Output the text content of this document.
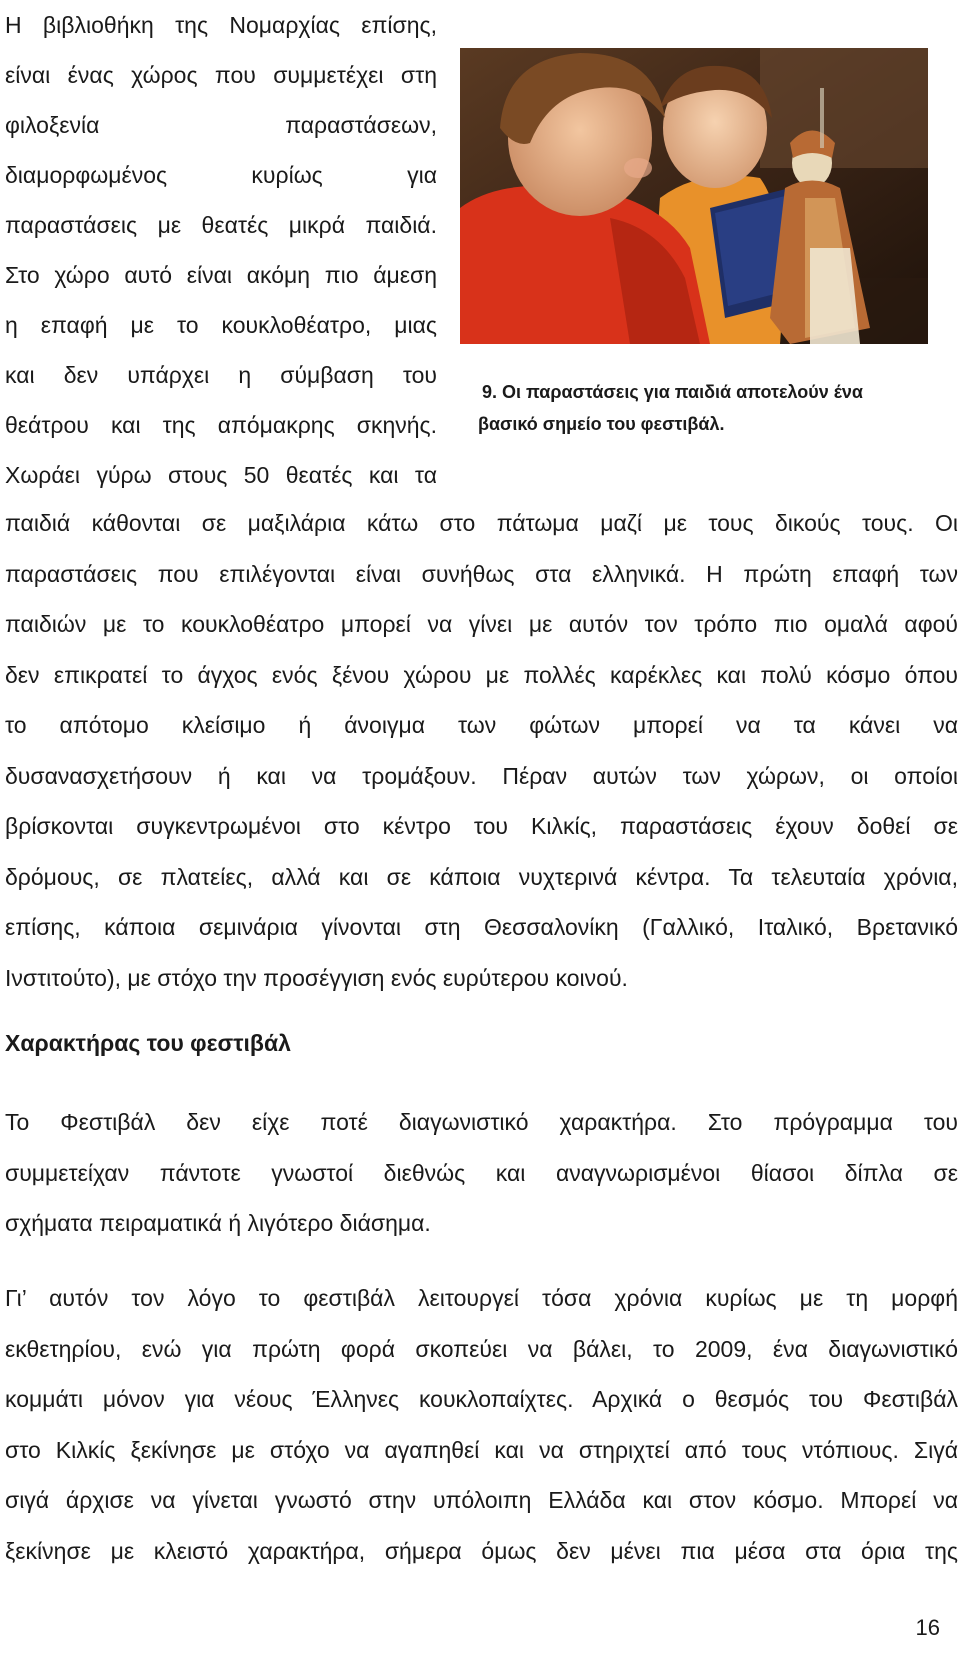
Η βιβλιοθήκη της Νομαρχίας επίσης,
είναι ένας χώρος που συμμετέχει στη
φιλοξενία παραστάσεων,
διαμορφωμένος κυρίως για
παραστάσεις με θεατές μικρά παιδιά.
Στο χώρο αυτό είναι ακόμη πιο άμεση
η επαφή με το κουκλοθέατρο, μιας
και δεν υπάρχει η σύμβαση του
θεάτρου και της απόμακρης σκηνής.
Χωράει γύρω στους 50 θεατές και τα
9. Οι παραστάσεις για παιδιά αποτελούν ένα
βασικό σημείο του φεστιβάλ.
παιδιά κάθονται σε μαξιλάρια κάτω στο πάτωμα μαζί με τους δικούς τους. Οι
παραστάσεις που επιλέγονται είναι συνήθως στα ελληνικά. Η πρώτη επαφή των
παιδιών με το κουκλοθέατρο μπορεί να γίνει με αυτόν τον τρόπο πιο ομαλά αφού
δεν επικρατεί το άγχος ενός ξένου χώρου με πολλές καρέκλες και πολύ κόσμο όπου
το απότομο κλείσιμο ή άνοιγμα των φώτων μπορεί να τα κάνει να
δυσανασχετήσουν ή και να τρομάξουν. Πέραν αυτών των χώρων, οι οποίοι
βρίσκονται συγκεντρωμένοι στο κέντρο του Κιλκίς, παραστάσεις έχουν δοθεί σε
δρόμους, σε πλατείες, αλλά και σε κάποια νυχτερινά κέντρα. Τα τελευταία χρόνια,
επίσης, κάποια σεμινάρια γίνονται στη Θεσσαλονίκη (Γαλλικό, Ιταλικό, Βρετανικό
Ινστιτούτο), με στόχο την προσέγγιση ενός ευρύτερου κοινού.
Χαρακτήρας του φεστιβάλ
Το Φεστιβάλ δεν είχε ποτέ διαγωνιστικό χαρακτήρα. Στο πρόγραμμα του
συμμετείχαν πάντοτε γνωστοί διεθνώς και αναγνωρισμένοι θίασοι δίπλα σε
σχήματα πειραματικά ή λιγότερο διάσημα.
Γι’ αυτόν τον λόγο το φεστιβάλ λειτουργεί τόσα χρόνια κυρίως με τη μορφή
εκθετηρίου, ενώ για πρώτη φορά σκοπεύει να βάλει, το 2009, ένα διαγωνιστικό
κομμάτι μόνον για νέους Έλληνες κουκλοπαίχτες. Αρχικά ο θεσμός του Φεστιβάλ
στο Κιλκίς ξεκίνησε με στόχο να αγαπηθεί και να στηριχτεί από τους ντόπιους. Σιγά
σιγά άρχισε να γίνεται γνωστό στην υπόλοιπη Ελλάδα και στον κόσμο. Μπορεί να
ξεκίνησε με κλειστό χαρακτήρα, σήμερα όμως δεν μένει πια μέσα στα όρια της
16
